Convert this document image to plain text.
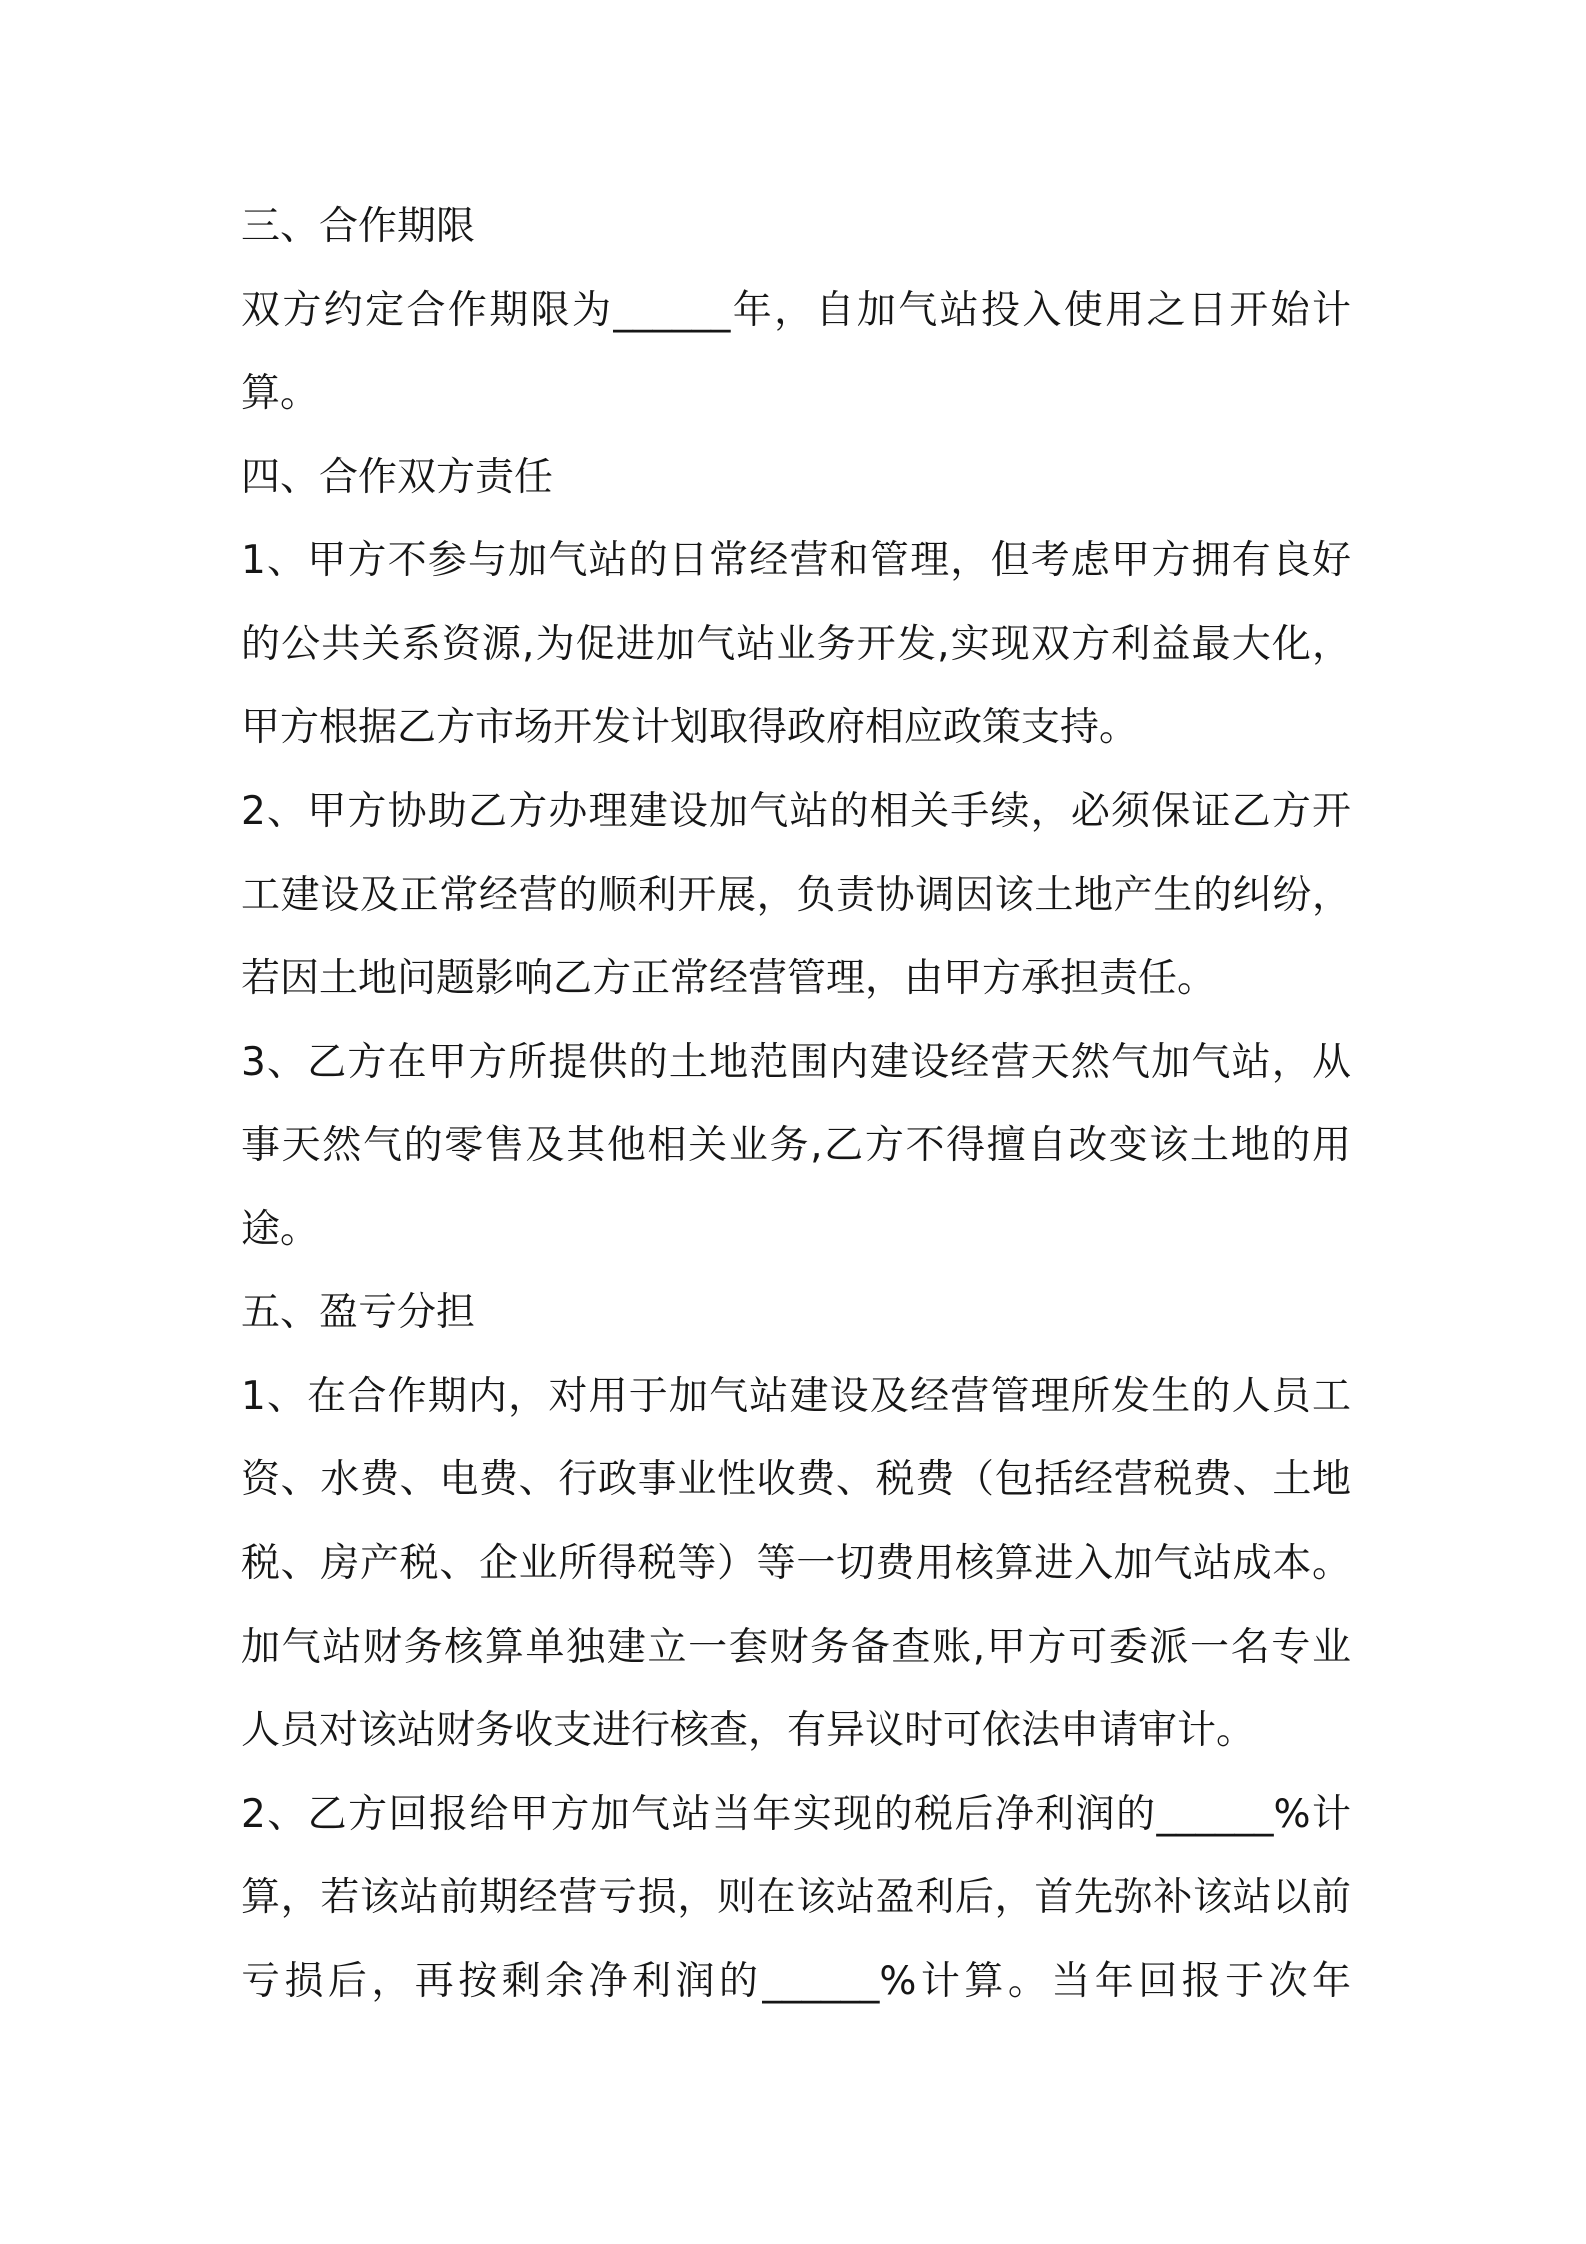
三、合作期限
双方约定合作期限为______年，自加气站投入使用之日开始计
算。
四、合作双方责任
1、甲方不参与加气站的日常经营和管理，但考虑甲方拥有良好
的公共关系资源,为促进加气站业务开发,实现双方利益最大化，
甲方根据乙方市场开发计划取得政府相应政策支持。
2、甲方协助乙方办理建设加气站的相关手续，必须保证乙方开
工建设及正常经营的顺利开展，负责协调因该土地产生的纠纷，
若因土地问题影响乙方正常经营管理，由甲方承担责任。
3、乙方在甲方所提供的土地范围内建设经营天然气加气站，从
事天然气的零售及其他相关业务,乙方不得擅自改变该土地的用
途。
五、盈亏分担
1、在合作期内，对用于加气站建设及经营管理所发生的人员工
资、水费、电费、行政事业性收费、税费（包括经营税费、土地
税、房产税、企业所得税等）等一切费用核算进入加气站成本。
加气站财务核算单独建立一套财务备查账,甲方可委派一名专业
人员对该站财务收支进行核查，有异议时可依法申请审计。
2、乙方回报给甲方加气站当年实现的税后净利润的______%计
算，若该站前期经营亏损，则在该站盈利后，首先弥补该站以前
亏损后，再按剩余净利润的______%计算。当年回报于次年
